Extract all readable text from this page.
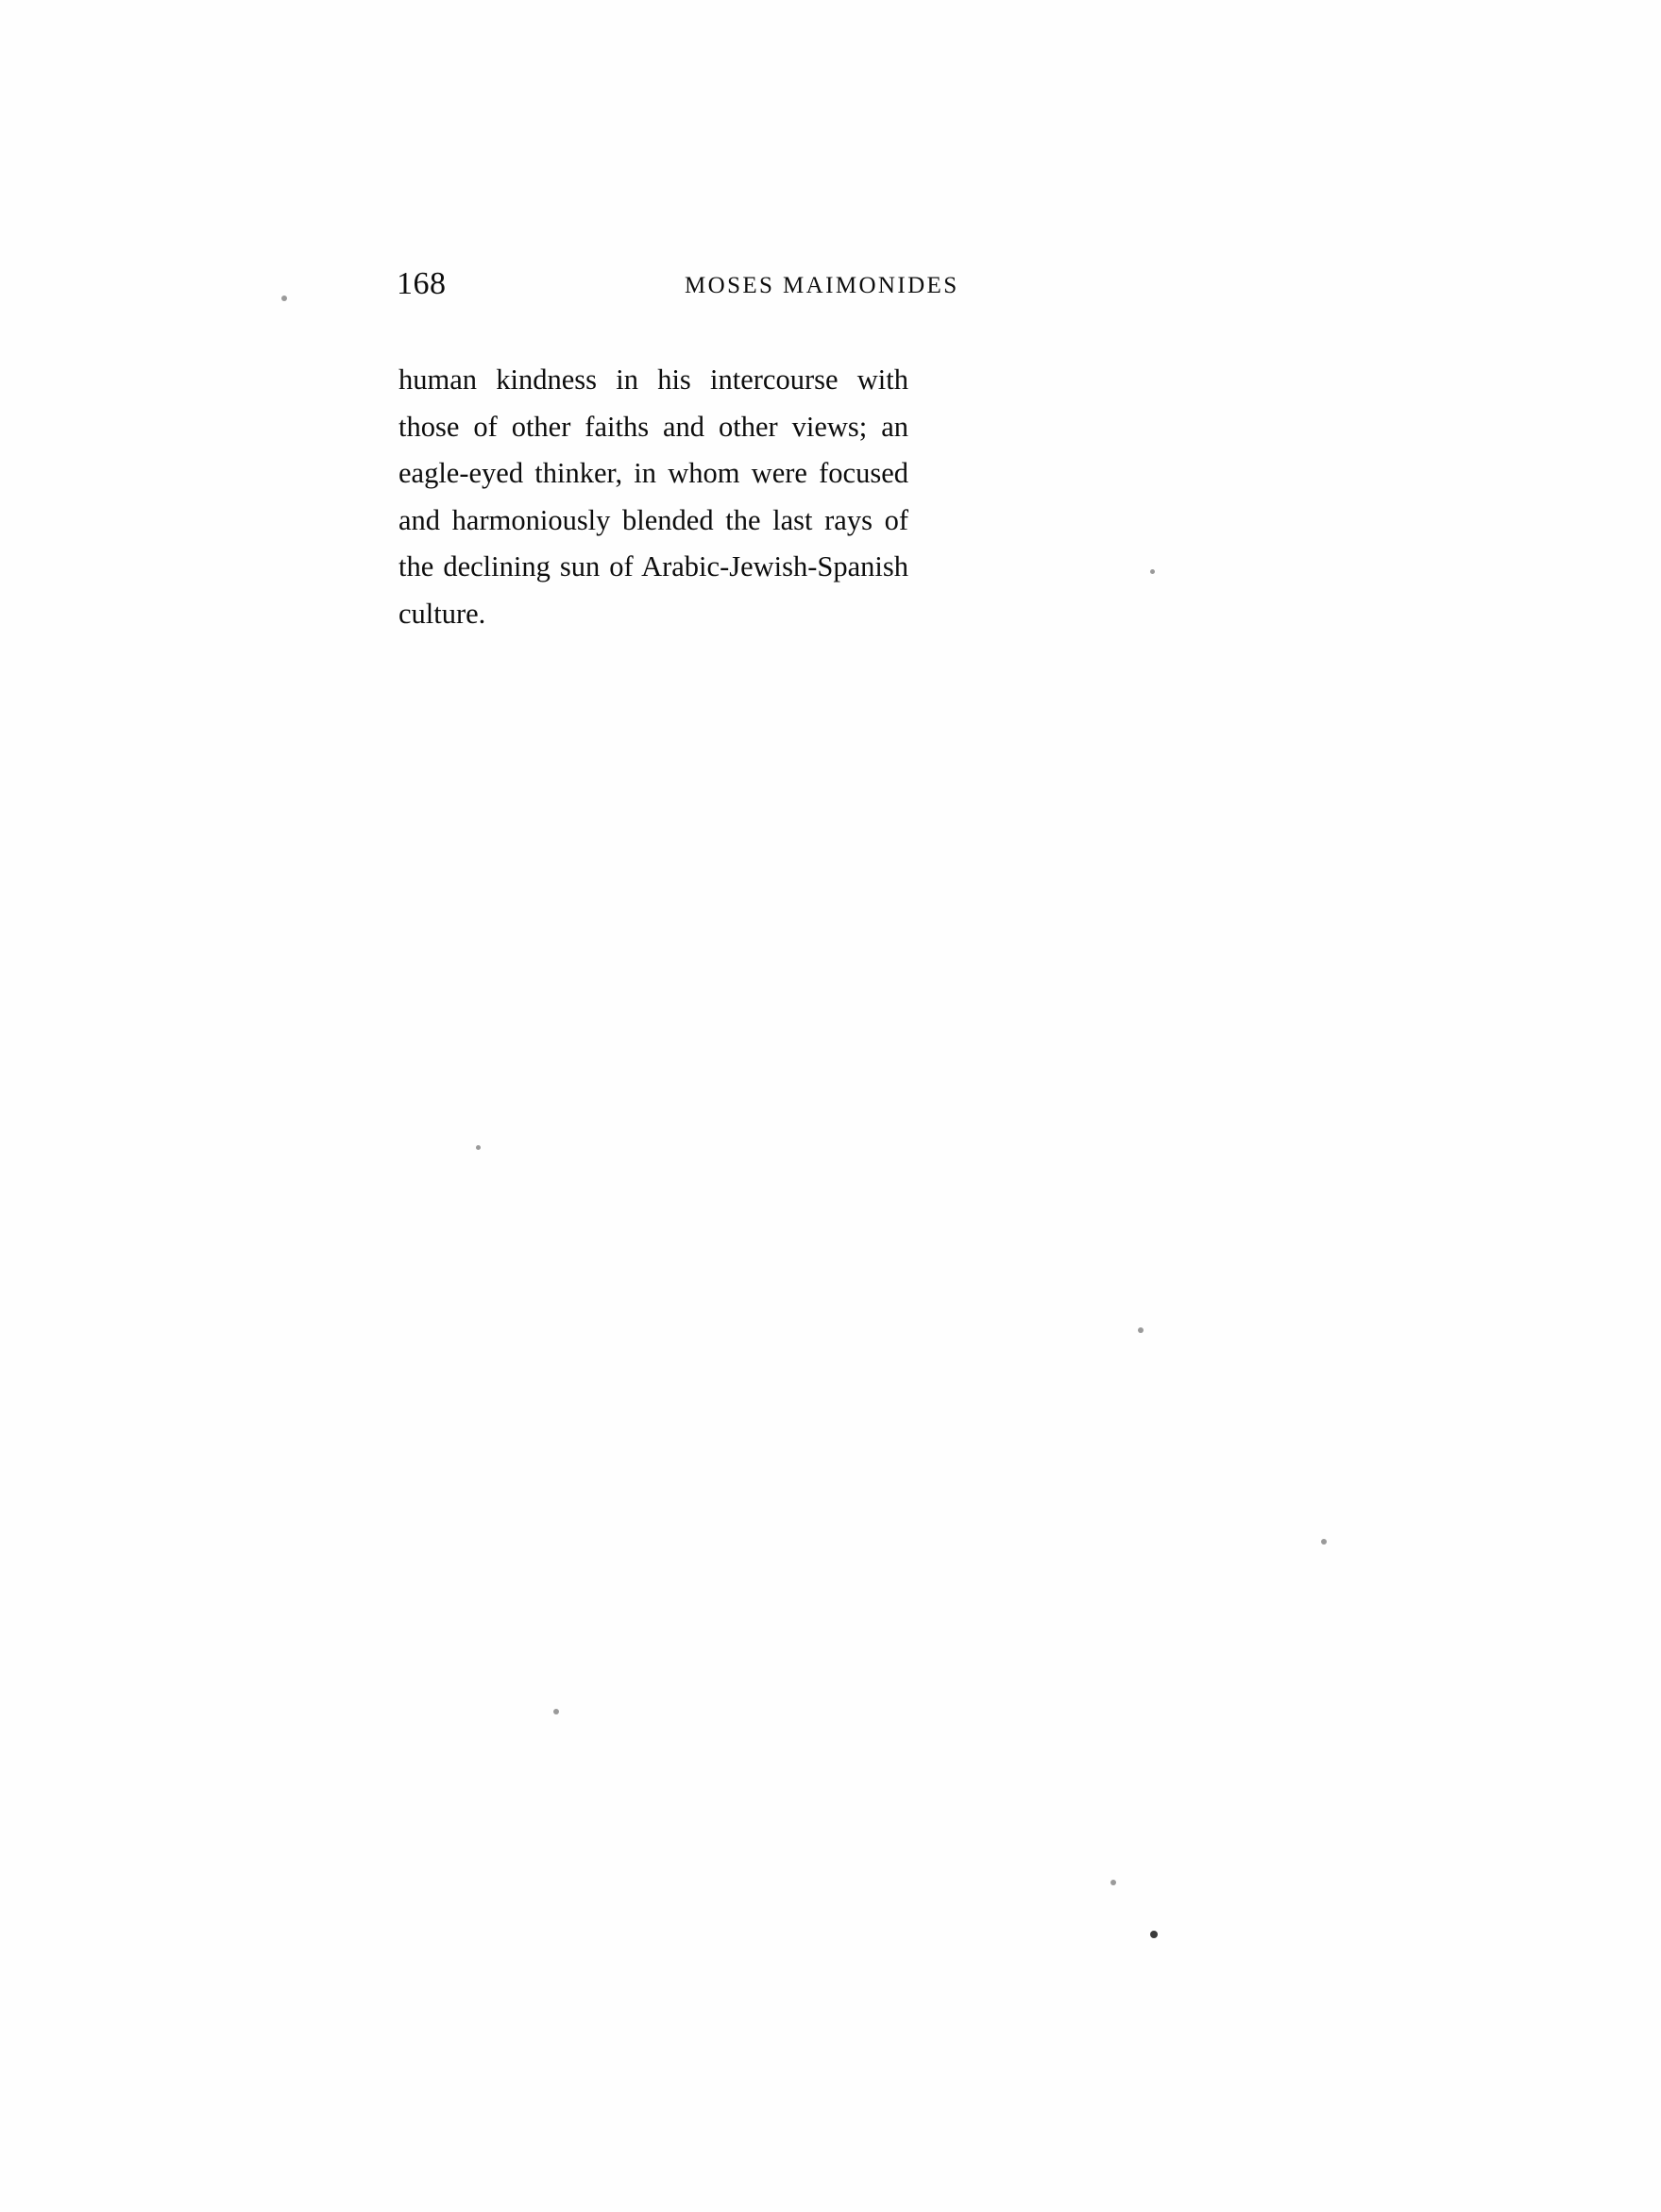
168	MOSES MAIMONIDES

human kindness in his intercourse with those of other faiths and other views; an eagle-eyed thinker, in whom were focused and harmoniously blended the last rays of the declining sun of Arabic-Jewish-Spanish culture.
